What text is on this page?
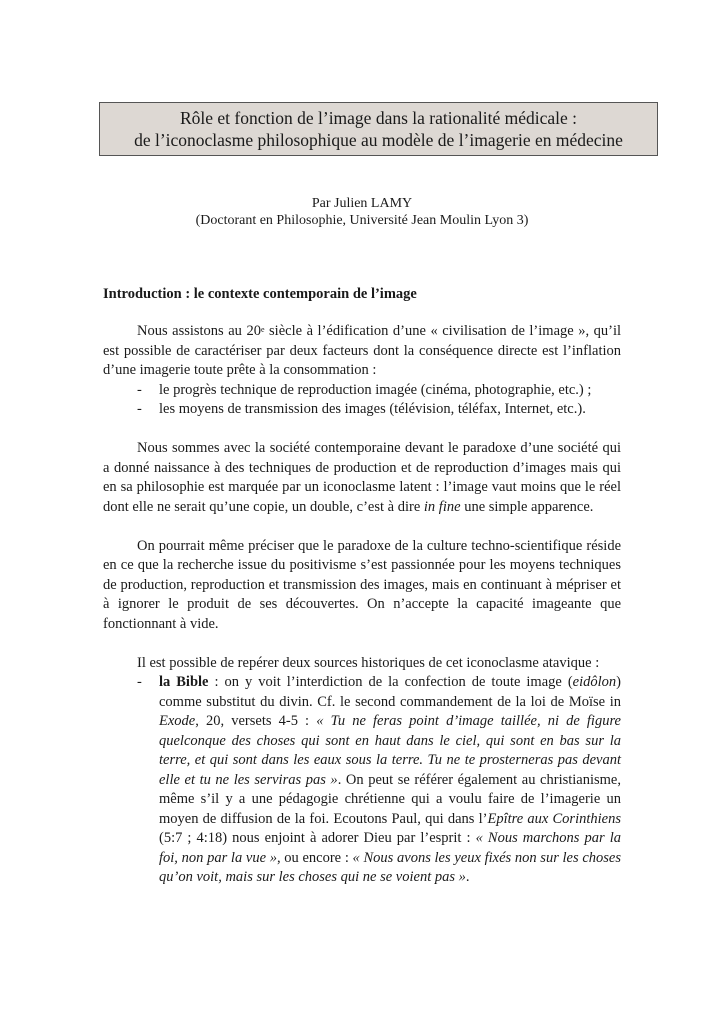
Rôle et fonction de l’image dans la rationalité médicale :
de l’iconoclasme philosophique au modèle de l’imagerie en médecine
Par Julien LAMY
(Doctorant en Philosophie, Université Jean Moulin Lyon 3)
Introduction : le contexte contemporain de l’image

Nous assistons au 20e siècle à l’édification d’une « civilisation de l’image », qu’il est possible de caractériser par deux facteurs dont la conséquence directe est l’inflation d’une imagerie toute prête à la consommation :

- le progrès technique de reproduction imagée (cinéma, photographie, etc.) ;
- les moyens de transmission des images (télévision, téléfax, Internet, etc.).

Nous sommes avec la société contemporaine devant le paradoxe d’une société qui a donné naissance à des techniques de production et de reproduction d’images mais qui en sa philosophie est marquée par un iconoclasme latent : l’image vaut moins que le réel dont elle ne serait qu’une copie, un double, c’est à dire in fine une simple apparence.

On pourrait même préciser que le paradoxe de la culture techno-scientifique réside en ce que la recherche issue du positivisme s’est passionnée pour les moyens techniques de production, reproduction et transmission des images, mais en continuant à mépriser et à ignorer le produit de ses découvertes. On n’accepte la capacité imageante que fonctionnant à vide.

Il est possible de repérer deux sources historiques de cet iconoclasme atavique :

- la Bible : on y voit l’interdiction de la confection de toute image (eidôlon) comme substitut du divin. Cf. le second commandement de la loi de Moïse in Exode, 20, versets 4-5 : « Tu ne feras point d’image taillée, ni de figure quelconque des choses qui sont en haut dans le ciel, qui sont en bas sur la terre, et qui sont dans les eaux sous la terre. Tu ne te prosterneras pas devant elle et tu ne les serviras pas ». On peut se référer également au christianisme, même s’il y a une pédagogie chrétienne qui a voulu faire de l’imagerie un moyen de diffusion de la foi. Ecoutons Paul, qui dans l’Epître aux Corinthiens (5:7 ; 4:18) nous enjoint à adorer Dieu par l’esprit : « Nous marchons par la foi, non par la vue », ou encore : « Nous avons les yeux fixés non sur les choses qu’on voit, mais sur les choses qui ne se voient pas ».
